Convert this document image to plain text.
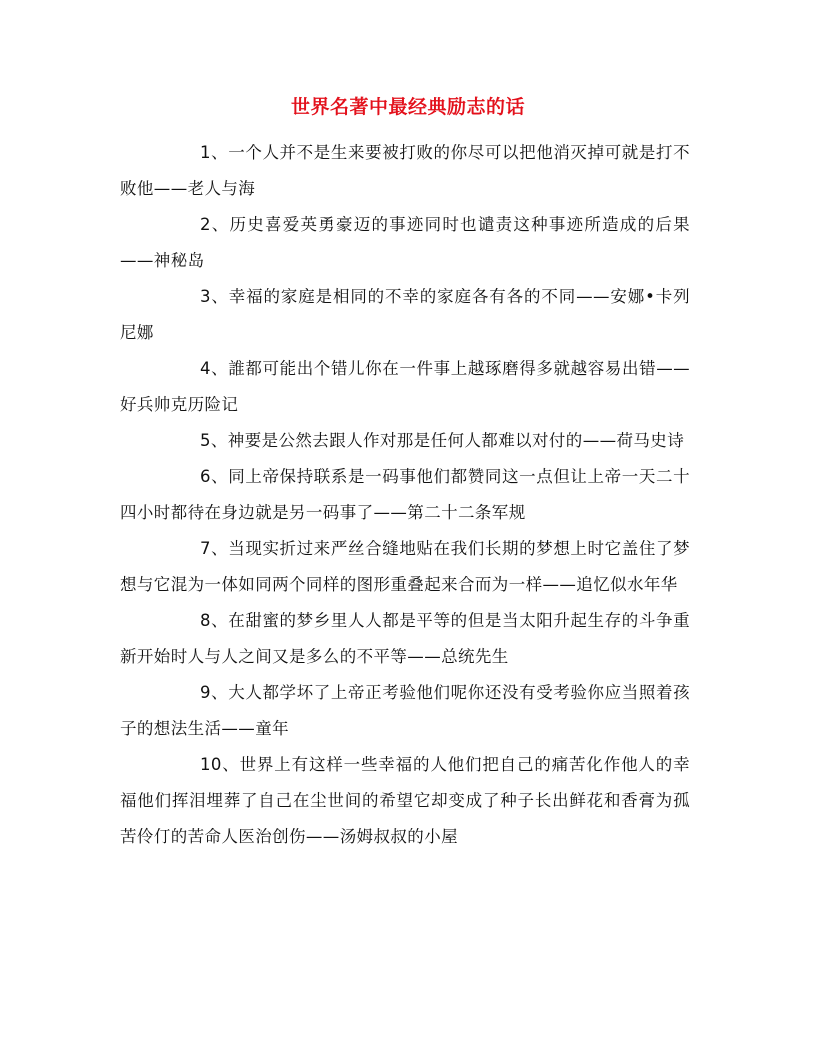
世界名著中最经典励志的话

1、一个人并不是生来要被打败的你尽可以把他消灭掉可就是打不败他——老人与海

2、历史喜爱英勇豪迈的事迹同时也谴责这种事迹所造成的后果——神秘岛

3、幸福的家庭是相同的不幸的家庭各有各的不同——安娜•卡列尼娜

4、誰都可能出个错儿你在一件事上越琢磨得多就越容易出错——好兵帅克历险记

5、神要是公然去跟人作对那是任何人都难以对付的——荷马史诗

6、同上帝保持联系是一码事他们都赞同这一点但让上帝一天二十四小时都待在身边就是另一码事了——第二十二条军规

7、当现实折过来严丝合缝地贴在我们长期的梦想上时它盖住了梦想与它混为一体如同两个同样的图形重叠起来合而为一样——追忆似水年华

8、在甜蜜的梦乡里人人都是平等的但是当太阳升起生存的斗争重新开始时人与人之间又是多么的不平等——总统先生

9、大人都学坏了上帝正考验他们呢你还没有受考验你应当照着孩子的想法生活——童年

10、世界上有这样一些幸福的人他们把自己的痛苦化作他人的幸福他们挥泪埋葬了自己在尘世间的希望它却变成了种子长出鲜花和香膏为孤苦伶仃的苦命人医治创伤——汤姆叔叔的小屋
